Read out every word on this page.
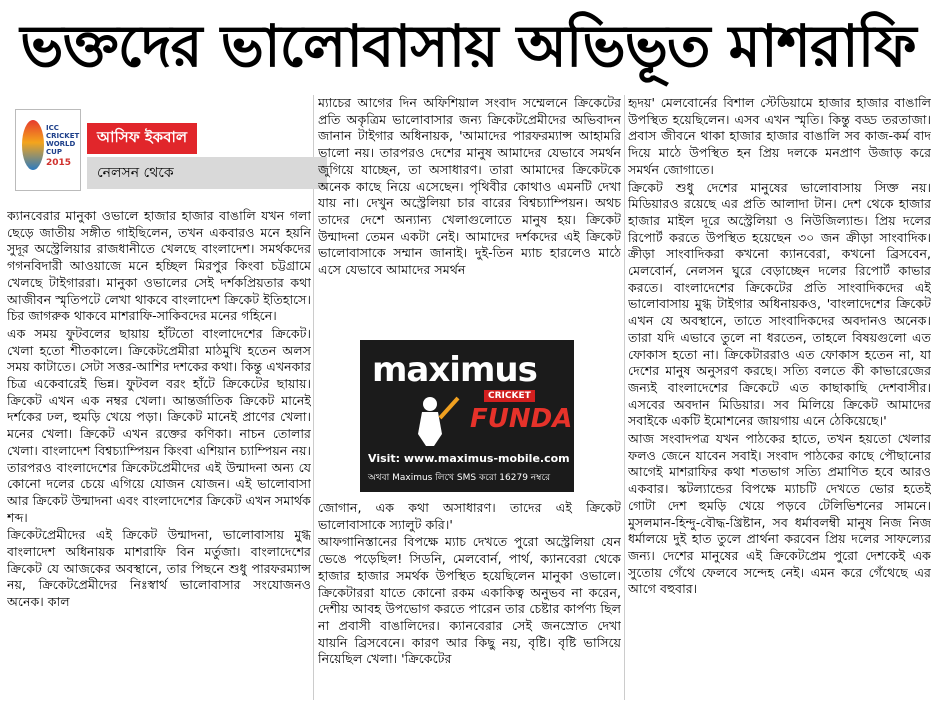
ভক্তদের ভালোবাসায় অভিভূত মাশরাফি
ICC CRICKET WORLD CUP
2015
আসিফ ইকবাল
নেলসন থেকে

ক্যানবেরার মানুকা ওভালে হাজার হাজার বাঙালি যখন গলা ছেড়ে জাতীয় সঙ্গীত গাইছিলেন, তখন একবারও মনে হয়নি সুদূর অস্ট্রেলিয়ার রাজধানীতে খেলছে বাংলাদেশ। সমর্থকদের গগনবিদারী আওয়াজে মনে হচ্ছিল মিরপুর কিংবা চট্টগ্রামে খেলছে টাইগাররা। মানুকা ওভালের সেই দর্শকপ্রিয়তার কথা আজীবন স্মৃতিপটে লেখা থাকবে বাংলাদেশ ক্রিকেট ইতিহাসে। চির জাগরুক থাকবে মাশরাফি-সাকিবদের মনের গহিনে।

এক সময় ফুটবলের ছায়ায় হাঁটতো বাংলাদেশের ক্রিকেট। খেলা হতো শীতকালে। ক্রিকেটপ্রেমীরা মাঠমুখি হতেন অলস সময় কাটাতে। সেটা সত্তর-আশির দশকের কথা। কিন্তু এখনকার চিত্র একেবারেই ভিন্ন। ফুটবল বরং হাঁটে ক্রিকেটের ছায়ায়। ক্রিকেট এখন এক নম্বর খেলা। আন্তর্জাতিক ক্রিকেট মানেই দর্শকের ঢল, হুমড়ি খেয়ে পড়া। ক্রিকেট মানেই প্রাণের খেলা। মনের খেলা। ক্রিকেট এখন রক্তের কণিকা। নাচন তোলার খেলা। বাংলাদেশ বিশ্বচ্যাম্পিয়ন কিংবা এশিয়ান চ্যাম্পিয়ন নয়। তারপরও বাংলাদেশের ক্রিকেটপ্রেমীদের এই উন্মাদনা অন্য যে কোনো দলের চেয়ে এগিয়ে যোজন যোজন। এই ভালোবাসা আর ক্রিকেট উন্মাদনা এবং বাংলাদেশের ক্রিকেট এখন সমার্থক শব্দ।

ক্রিকেটপ্রেমীদের এই ক্রিকেট উন্মাদনা, ভালোবাসায় মুগ্ধ বাংলাদেশ অধিনায়ক মাশরাফি বিন মর্তুজা। বাংলাদেশের ক্রিকেট যে আজকের অবস্থানে, তার পিছনে শুধু পারফরম্যান্স নয়, ক্রিকেটপ্রেমীদের নিঃস্বার্থ ভালোবাসার সংযোজনও অনেক। কাল

ম্যাচের আগের দিন অফিশিয়াল সংবাদ সম্মেলনে ক্রিকেটের প্রতি অকৃত্রিম ভালোবাসার জন্য ক্রিকেটপ্রেমীদের অভিবাদন জানান টাইগার অধিনায়ক, 'আমাদের পারফরম্যান্স আহামরি ভালো নয়। তারপরও দেশের মানুষ আমাদের যেভাবে সমর্থন জুগিয়ে যাচ্ছেন, তা অসাধারণ। তারা আমাদের ক্রিকেটকে অনেক কাছে নিয়ে এসেছেন। পৃথিবীর কোথাও এমনটি দেখা যায় না। দেখুন অস্ট্রেলিয়া চার বারের বিশ্বচ্যাম্পিয়ন। অথচ তাদের দেশে অন্যান্য খেলাগুলোতে মানুষ হয়। ক্রিকেট উন্মাদনা তেমন একটা নেই। আমাদের দর্শকদের এই ক্রিকেট ভালোবাসাকে সম্মান জানাই। দুই-তিন ম্যাচ হারলেও মাঠে এসে যেভাবে আমাদের সমর্থন

maximus
CRICKET
FUNDA
Visit: www.maximus-mobile.com
অথবা Maximus লিখে SMS করো 16279 নম্বরে

জোগান, এক কথা অসাধারণ। তাদের এই ক্রিকেট ভালোবাসাকে স্যালুট করি।'

আফগানিস্তানের বিপক্ষে ম্যাচ দেখতে পুরো অস্ট্রেলিয়া যেন ভেঙে পড়েছিল! সিডনি, মেলবোর্ন, পার্থ, ক্যানবেরা থেকে হাজার হাজার সমর্থক উপস্থিত হয়েছিলেন মানুকা ওভালে। ক্রিকেটাররা যাতে কোনো রকম একাকিত্ব অনুভব না করেন, দেশীয় আবহ উপভোগ করতে পারেন তার চেষ্টার কার্পণ্য ছিল না প্রবাসী বাঙালিদের। ক্যানবেরার সেই জনস্রোত দেখা যায়নি ব্রিসবেনে। কারণ আর কিছু নয়, বৃষ্টি। বৃষ্টি ভাসিয়ে নিয়েছিল খেলা। 'ক্রিকেটের

হৃদয়' মেলবোর্নের বিশাল স্টেডিয়ামে হাজার হাজার বাঙালি উপস্থিত হয়েছিলেন। এসব এখন স্মৃতি। কিন্তু বড্ড তরতাজা। প্রবাস জীবনে থাকা হাজার হাজার বাঙালি সব কাজ-কর্ম বাদ দিয়ে মাঠে উপস্থিত হন প্রিয় দলকে মনপ্রাণ উজাড় করে সমর্থন জোগাতে।

ক্রিকেট শুধু দেশের মানুষের ভালোবাসায় সিক্ত নয়। মিডিয়ারও রয়েছে এর প্রতি আলাদা টান। দেশ থেকে হাজার হাজার মাইল দূরে অস্ট্রেলিয়া ও নিউজিল্যান্ড। প্রিয় দলের রিপোর্ট করতে উপস্থিত হয়েছেন ৩০ জন ক্রীড়া সাংবাদিক। ক্রীড়া সাংবাদিকরা কখনো ক্যানবেরা, কখনো ব্রিসবেন, মেলবোর্ন, নেলসন ঘুরে বেড়াচ্ছেন দলের রিপোর্ট কাভার করতে। বাংলাদেশের ক্রিকেটের প্রতি সাংবাদিকদের এই ভালোবাসায় মুগ্ধ টাইগার অধিনায়কও, 'বাংলাদেশের ক্রিকেট এখন যে অবস্থানে, তাতে সাংবাদিকদের অবদানও অনেক। তারা যদি এভাবে তুলে না ধরতেন, তাহলে বিষয়গুলো এত ফোকাস হতো না। ক্রিকেটাররাও এত ফোকাস হতেন না, যা দেশের মানুষ অনুসরণ করছে। সত্যি বলতে কী কাভারেজের জন্যই বাংলাদেশের ক্রিকেটে এত কাছাকাছি দেশবাসীর। এসবের অবদান মিডিয়ার। সব মিলিয়ে ক্রিকেট আমাদের সবাইকে একটি ইমোশনের জায়গায় এনে ঠেকিয়েছে।'

আজ সংবাদপত্র যখন পাঠকের হাতে, তখন হয়তো খেলার ফলও জেনে যাবেন সবাই। সংবাদ পাঠকের কাছে পৌছানোর আগেই মাশরাফির কথা শতভাগ সত্যি প্রমাণিত হবে আরও একবার। স্কটল্যান্ডের বিপক্ষে ম্যাচটি দেখতে ভোর হতেই গোটা দেশ হুমড়ি খেয়ে পড়বে টেলিভিশনের সামনে। মুসলমান-হিন্দু-বৌদ্ধ-খ্রিষ্টান, সব ধর্মাবলম্বী মানুষ নিজ নিজ ধর্মালয়ে দুই হাত তুলে প্রার্থনা করবেন প্রিয় দলের সাফল্যের জন্য। দেশের মানুষের এই ক্রিকেটপ্রেম পুরো দেশকেই এক সুতোয় গেঁথে ফেলবে সন্দেহ নেই। এমন করে গেঁথেছে এর আগে বহুবার।
